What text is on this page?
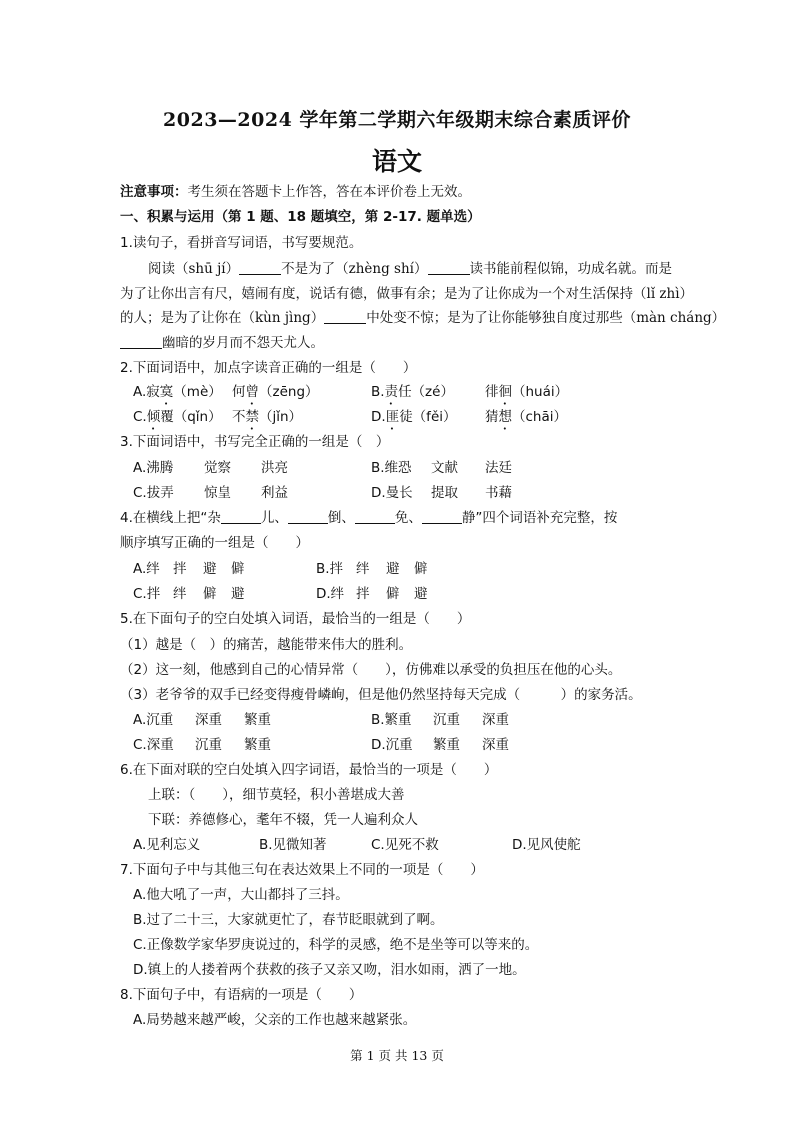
2023—2024 学年第二学期六年级期末综合素质评价
语文
注意事项：考生须在答题卡上作答，答在本评价卷上无效。
一、积累与运用（第 1 题、18 题填空，第 2-17. 题单选）
1.读句子，看拼音写词语，书写要规范。
阅读（shū jí）	不是为了（zhèng shí）	读书能前程似锦，功成名就。而是
为了让你出言有尺，嬉闹有度，说话有德，做事有余；是为了让你成为一个对生活保持（lǐ zhì）
的人；是为了让你在（kùn jìng）	中处变不惊；是为了让你能够独自度过那些（màn cháng）
幽暗的岁月而不怨天尤人。
2.下面词语中，加点字读音正确的一组是（　　）
A.寂寞（mè） 何曾（zēng）	B.责任（zé） 徘徊（huái）
C.倾覆（qǐn） 不禁（jǐn）	D.匪徒（fěi） 猜想（chāi）
3.下面词语中，书写完全正确的一组是（　）
A.沸腾 觉察 洪亮	B.维恐 文献 法廷
C.拔弄 惊皇 利益	D.曼长 提取 书藉
4.在横线上把“杂	儿、	倒、	免、	静”四个词语补充完整，按
顺序填写正确的一组是（　　）
A.绊 拌 避 僻	B.拌 绊 避 僻
C.拌 绊 僻 避	D.绊 拌 僻 避
5.在下面句子的空白处填入词语，最恰当的一组是（　　）
（1）越是（　）的痛苦，越能带来伟大的胜利。
（2）这一刻，他感到自己的心情异常（　　），仿佛难以承受的负担压在他的心头。
（3）老爷爷的双手已经变得瘦骨嶙峋，但是他仍然坚持每天完成（　　　）的家务活。
A.沉重 深重 繁重	B.繁重 沉重 深重
C.深重 沉重 繁重	D.沉重 繁重 深重
6.在下面对联的空白处填入四字词语，最恰当的一项是（　　）
上联：（　　），细节莫轻，积小善堪成大善
下联：养德修心，耄年不辍，凭一人遍利众人
A.见利忘义	B.见微知著	C.见死不救	D.见风使舵
7.下面句子中与其他三句在表达效果上不同的一项是（　　）
A.他大吼了一声，大山都抖了三抖。
B.过了二十三，大家就更忙了，春节眨眼就到了啊。
C.正像数学家华罗庚说过的，科学的灵感，绝不是坐等可以等来的。
D.镇上的人搂着两个获救的孩子又亲又吻，泪水如雨，洒了一地。
8.下面句子中，有语病的一项是（　　）
A.局势越来越严峻，父亲的工作也越来越紧张。
第 1 页 共 13 页
